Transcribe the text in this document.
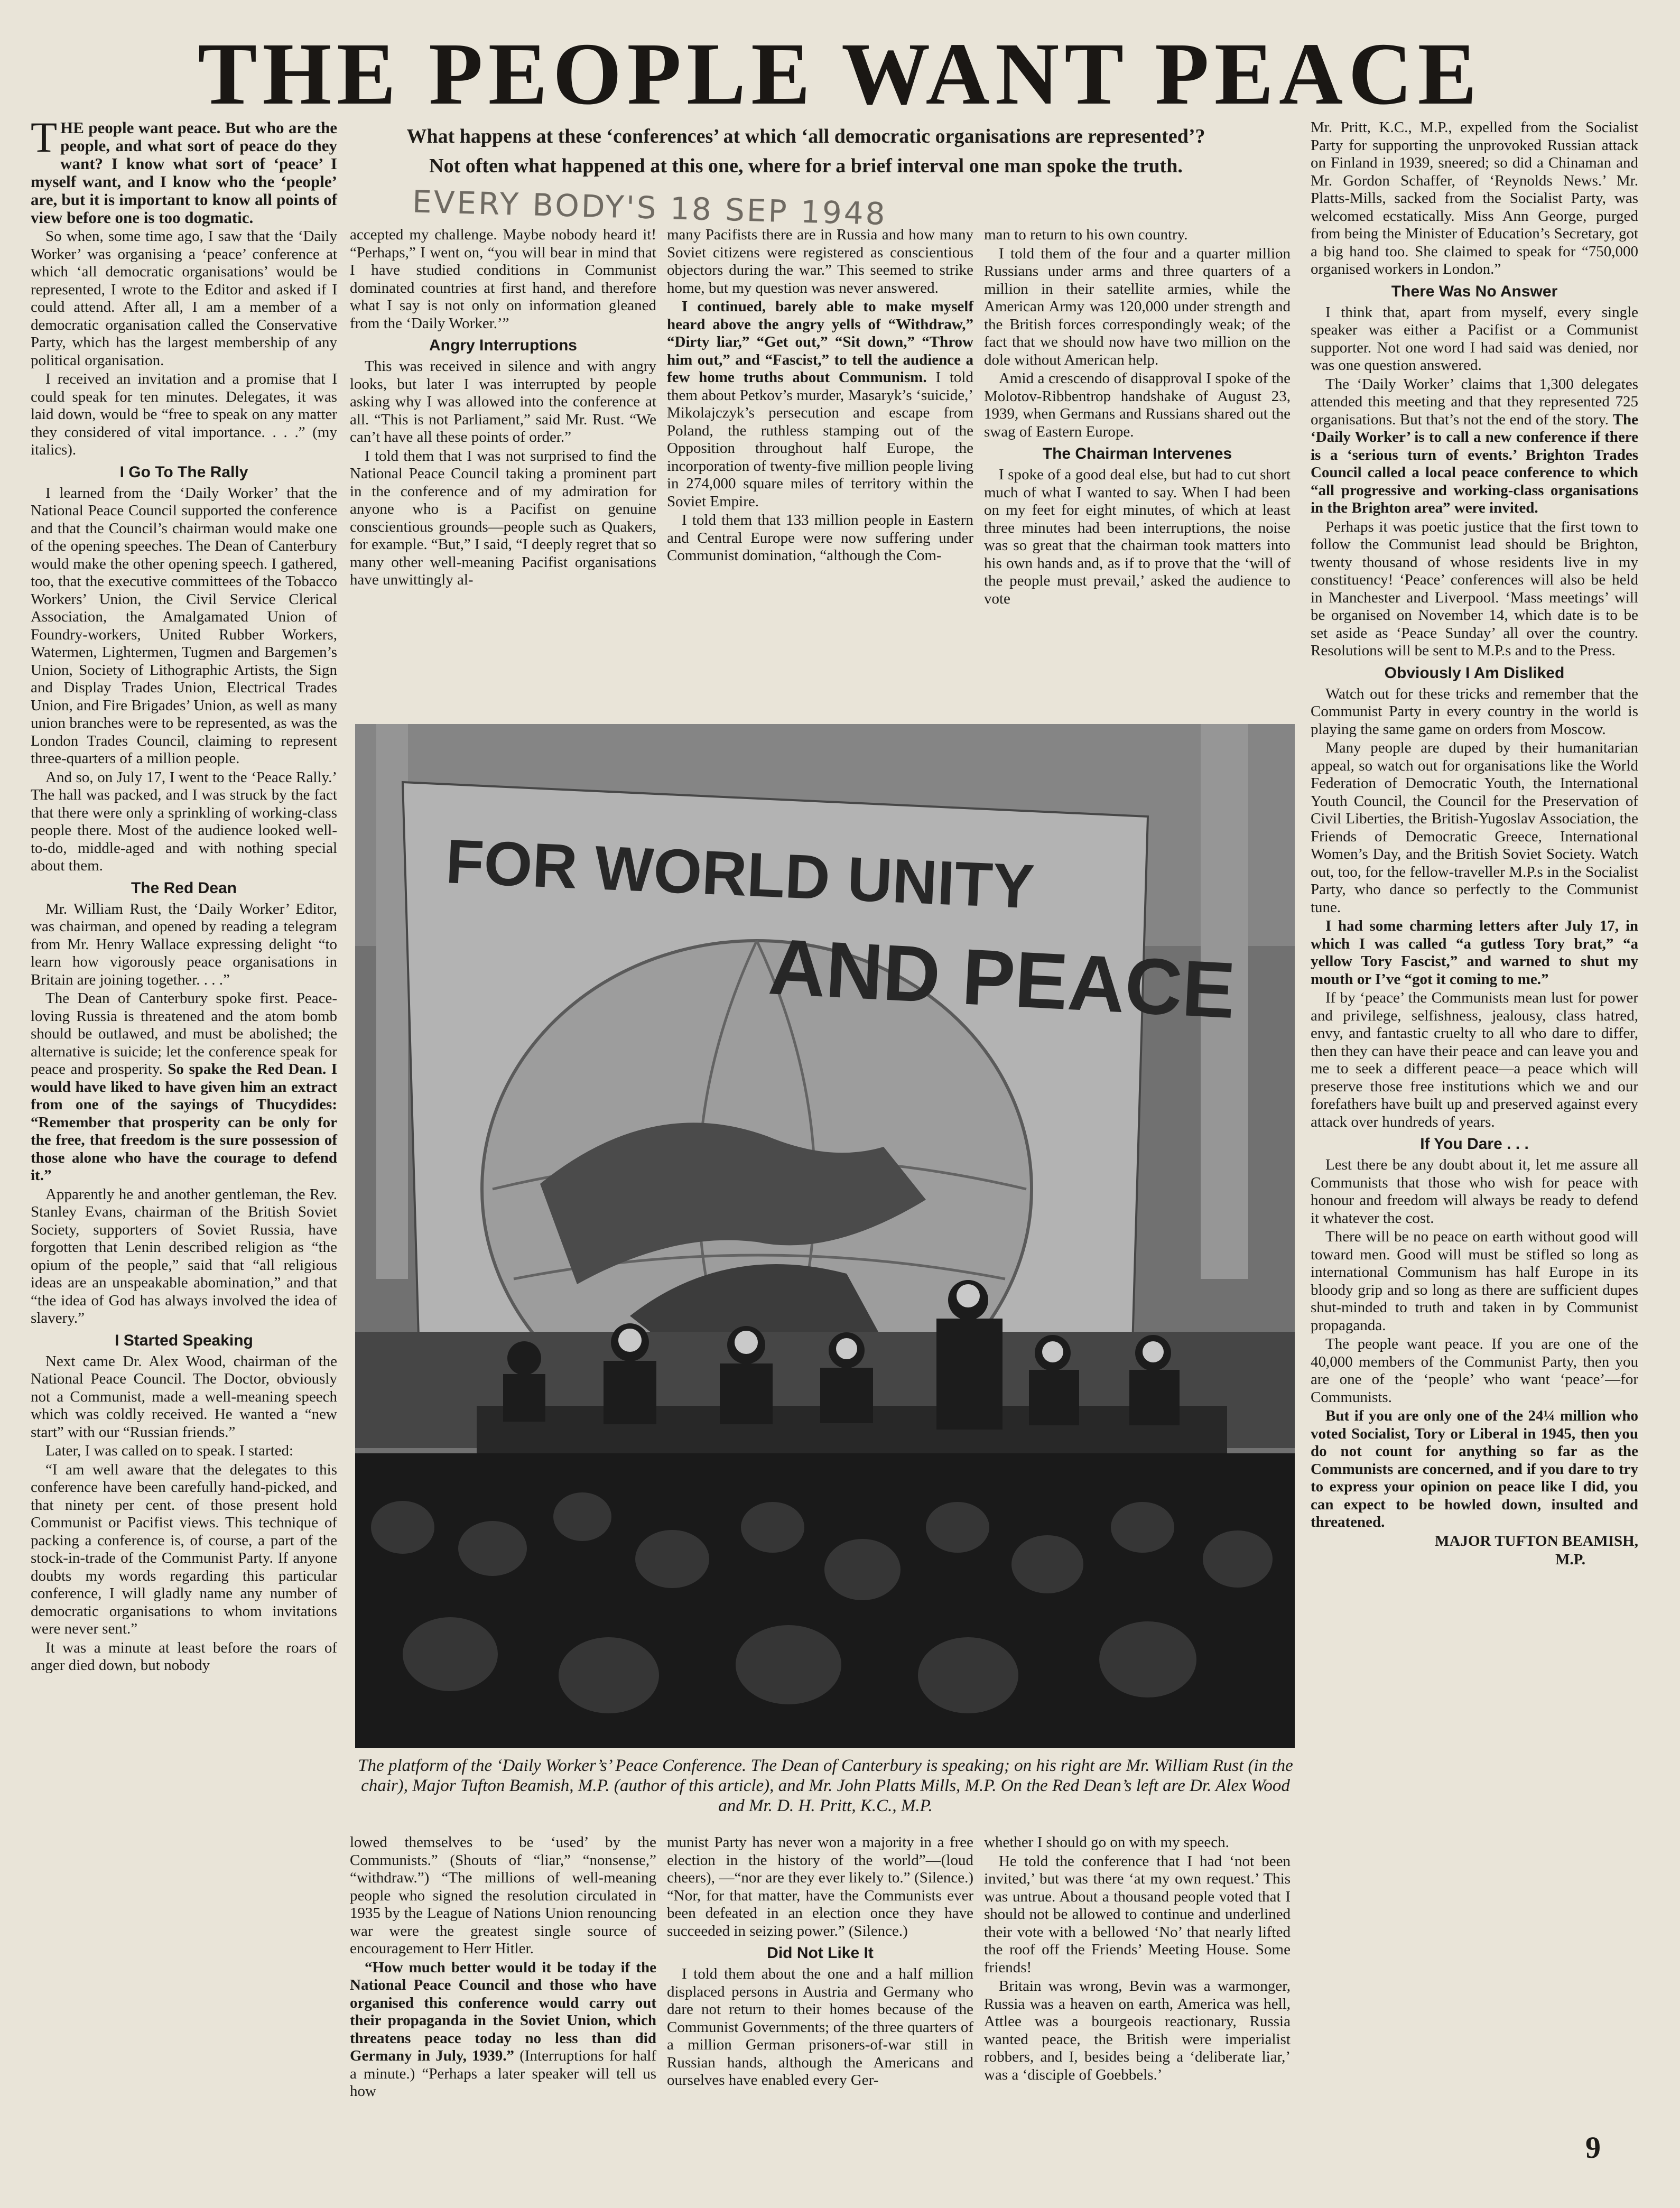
THE PEOPLE WANT PEACE
What happens at these ‘conferences’ at which ‘all democratic organisations are represented’? Not often what happened at this one, where for a brief interval one man spoke the truth.
EVERY BODY'S 18 SEP 1948

THE people want peace. But who are the people, and what sort of peace do they want? I know what sort of ‘peace’ I myself want, and I know who the ‘people’ are, but it is important to know all points of view before one is too dogmatic.

So when, some time ago, I saw that the ‘Daily Worker’ was organising a ‘peace’ conference at which ‘all democratic organisations’ would be represented, I wrote to the Editor and asked if I could attend. After all, I am a member of a democratic organisation called the Conservative Party, which has the largest membership of any political organisation.

I received an invitation and a promise that I could speak for ten minutes. Delegates, it was laid down, would be “free to speak on any matter they considered of vital importance. . . .” (my italics).

I Go To The Rally

I learned from the ‘Daily Worker’ that the National Peace Council supported the conference and that the Council’s chairman would make one of the opening speeches. The Dean of Canterbury would make the other opening speech. I gathered, too, that the executive committees of the Tobacco Workers’ Union, the Civil Service Clerical Association, the Amalgamated Union of Foundry-workers, United Rubber Workers, Watermen, Lightermen, Tugmen and Bargemen’s Union, Society of Lithographic Artists, the Sign and Display Trades Union, Electrical Trades Union, and Fire Brigades’ Union, as well as many union branches were to be represented, as was the London Trades Council, claiming to represent three-quarters of a million people.

And so, on July 17, I went to the ‘Peace Rally.’ The hall was packed, and I was struck by the fact that there were only a sprinkling of working-class people there. Most of the audience looked well-to-do, middle-aged and with nothing special about them.

The Red Dean

Mr. William Rust, the ‘Daily Worker’ Editor, was chairman, and opened by reading a telegram from Mr. Henry Wallace expressing delight “to learn how vigorously peace organisations in Britain are joining together. . . .”

The Dean of Canterbury spoke first. Peace-loving Russia is threatened and the atom bomb should be outlawed, and must be abolished; the alternative is suicide; let the conference speak for peace and prosperity. So spake the Red Dean. I would have liked to have given him an extract from one of the sayings of Thucydides: “Remember that prosperity can be only for the free, that freedom is the sure possession of those alone who have the courage to defend it.”

Apparently he and another gentleman, the Rev. Stanley Evans, chairman of the British Soviet Society, supporters of Soviet Russia, have forgotten that Lenin described religion as “the opium of the people,” said that “all religious ideas are an unspeakable abomination,” and that “the idea of God has always involved the idea of slavery.”

I Started Speaking

Next came Dr. Alex Wood, chairman of the National Peace Council. The Doctor, obviously not a Communist, made a well-meaning speech which was coldly received. He wanted a “new start” with our “Russian friends.”

Later, I was called on to speak. I started:

“I am well aware that the delegates to this conference have been carefully hand-picked, and that ninety per cent. of those present hold Communist or Pacifist views. This technique of packing a conference is, of course, a part of the stock-in-trade of the Communist Party. If anyone doubts my words regarding this particular conference, I will gladly name any number of democratic organisations to whom invitations were never sent.”

It was a minute at least before the roars of anger died down, but nobody

accepted my challenge. Maybe nobody heard it! “Perhaps,” I went on, “you will bear in mind that I have studied conditions in Communist dominated countries at first hand, and therefore what I say is not only on information gleaned from the ‘Daily Worker.’”

Angry Interruptions

This was received in silence and with angry looks, but later I was interrupted by people asking why I was allowed into the conference at all. “This is not Parliament,” said Mr. Rust. “We can’t have all these points of order.”

I told them that I was not surprised to find the National Peace Council taking a prominent part in the conference and of my admiration for anyone who is a Pacifist on genuine conscientious grounds—people such as Quakers, for example. “But,” I said, “I deeply regret that so many other well-meaning Pacifist organisations have unwittingly al-

many Pacifists there are in Russia and how many Soviet citizens were registered as conscientious objectors during the war.” This seemed to strike home, but my question was never answered.

I continued, barely able to make myself heard above the angry yells of “Withdraw,” “Dirty liar,” “Get out,” “Sit down,” “Throw him out,” and “Fascist,” to tell the audience a few home truths about Communism. I told them about Petkov’s murder, Masaryk’s ‘suicide,’ Mikolajczyk’s persecution and escape from Poland, the ruthless stamping out of the Opposition throughout half Europe, the incorporation of twenty-five million people living in 274,000 square miles of territory within the Soviet Empire.

I told them that 133 million people in Eastern and Central Europe were now suffering under Communist domination, “although the Com-

man to return to his own country.

I told them of the four and a quarter million Russians under arms and three quarters of a million in their satellite armies, while the American Army was 120,000 under strength and the British forces correspondingly weak; of the fact that we should now have two million on the dole without American help.

Amid a crescendo of disapproval I spoke of the Molotov-Ribbentrop handshake of August 23, 1939, when Germans and Russians shared out the swag of Eastern Europe.

The Chairman Intervenes

I spoke of a good deal else, but had to cut short much of what I wanted to say. When I had been on my feet for eight minutes, of which at least three minutes had been interruptions, the noise was so great that the chairman took matters into his own hands and, as if to prove that the ‘will of the people must prevail,’ asked the audience to vote

FOR WORLD UNITY
AND PEACE
The platform of the ‘Daily Worker’s’ Peace Conference. The Dean of Canterbury is speaking; on his right are Mr. William Rust (in the chair), Major Tufton Beamish, M.P. (author of this article), and Mr. John Platts Mills, M.P. On the Red Dean’s left are Dr. Alex Wood and Mr. D. H. Pritt, K.C., M.P.

lowed themselves to be ‘used’ by the Communists.” (Shouts of “liar,” “nonsense,” “withdraw.”) “The millions of well-meaning people who signed the resolution circulated in 1935 by the League of Nations Union renouncing war were the greatest single source of encouragement to Herr Hitler.

“How much better would it be today if the National Peace Council and those who have organised this conference would carry out their propaganda in the Soviet Union, which threatens peace today no less than did Germany in July, 1939.” (Interruptions for half a minute.) “Perhaps a later speaker will tell us how

munist Party has never won a majority in a free election in the history of the world”—(loud cheers), —“nor are they ever likely to.” (Silence.) “Nor, for that matter, have the Communists ever been defeated in an election once they have succeeded in seizing power.” (Silence.)

Did Not Like It

I told them about the one and a half million displaced persons in Austria and Germany who dare not return to their homes because of the Communist Governments; of the three quarters of a million German prisoners-of-war still in Russian hands, although the Americans and ourselves have enabled every Ger-

whether I should go on with my speech.

He told the conference that I had ‘not been invited,’ but was there ‘at my own request.’ This was untrue. About a thousand people voted that I should not be allowed to continue and underlined their vote with a bellowed ‘No’ that nearly lifted the roof off the Friends’ Meeting House. Some friends!

Britain was wrong, Bevin was a warmonger, Russia was a heaven on earth, America was hell, Attlee was a bourgeois reactionary, Russia wanted peace, the British were imperialist robbers, and I, besides being a ‘deliberate liar,’ was a ‘disciple of Goebbels.’

Mr. Pritt, K.C., M.P., expelled from the Socialist Party for supporting the unprovoked Russian attack on Finland in 1939, sneered; so did a Chinaman and Mr. Gordon Schaffer, of ‘Reynolds News.’ Mr. Platts-Mills, sacked from the Socialist Party, was welcomed ecstatically. Miss Ann George, purged from being the Minister of Education’s Secretary, got a big hand too. She claimed to speak for “750,000 organised workers in London.”

There Was No Answer

I think that, apart from myself, every single speaker was either a Pacifist or a Communist supporter. Not one word I had said was denied, nor was one question answered.

The ‘Daily Worker’ claims that 1,300 delegates attended this meeting and that they represented 725 organisations. But that’s not the end of the story. The ‘Daily Worker’ is to call a new conference if there is a ‘serious turn of events.’ Brighton Trades Council called a local peace conference to which “all progressive and working-class organisations in the Brighton area” were invited.

Perhaps it was poetic justice that the first town to follow the Communist lead should be Brighton, twenty thousand of whose residents live in my constituency! ‘Peace’ conferences will also be held in Manchester and Liverpool. ‘Mass meetings’ will be organised on November 14, which date is to be set aside as ‘Peace Sunday’ all over the country. Resolutions will be sent to M.P.s and to the Press.

Obviously I Am Disliked

Watch out for these tricks and remember that the Communist Party in every country in the world is playing the same game on orders from Moscow.

Many people are duped by their humanitarian appeal, so watch out for organisations like the World Federation of Democratic Youth, the International Youth Council, the Council for the Preservation of Civil Liberties, the British-Yugoslav Association, the Friends of Democratic Greece, International Women’s Day, and the British Soviet Society. Watch out, too, for the fellow-traveller M.P.s in the Socialist Party, who dance so perfectly to the Communist tune.

I had some charming letters after July 17, in which I was called “a gutless Tory brat,” “a yellow Tory Fascist,” and warned to shut my mouth or I’ve “got it coming to me.”

If by ‘peace’ the Communists mean lust for power and privilege, selfishness, jealousy, class hatred, envy, and fantastic cruelty to all who dare to differ, then they can have their peace and can leave you and me to seek a different peace—a peace which will preserve those free institutions which we and our forefathers have built up and preserved against every attack over hundreds of years.

If You Dare . . .

Lest there be any doubt about it, let me assure all Communists that those who wish for peace with honour and freedom will always be ready to defend it whatever the cost.

There will be no peace on earth without good will toward men. Good will must be stifled so long as international Communism has half Europe in its bloody grip and so long as there are sufficient dupes shut-minded to truth and taken in by Communist propaganda.

The people want peace. If you are one of the 40,000 members of the Communist Party, then you are one of the ‘people’ who want ‘peace’—for Communists.

But if you are only one of the 24¼ million who voted Socialist, Tory or Liberal in 1945, then you do not count for anything so far as the Communists are concerned, and if you dare to try to express your opinion on peace like I did, you can expect to be howled down, insulted and threatened.

MAJOR TUFTON BEAMISH,

M.P.

9
